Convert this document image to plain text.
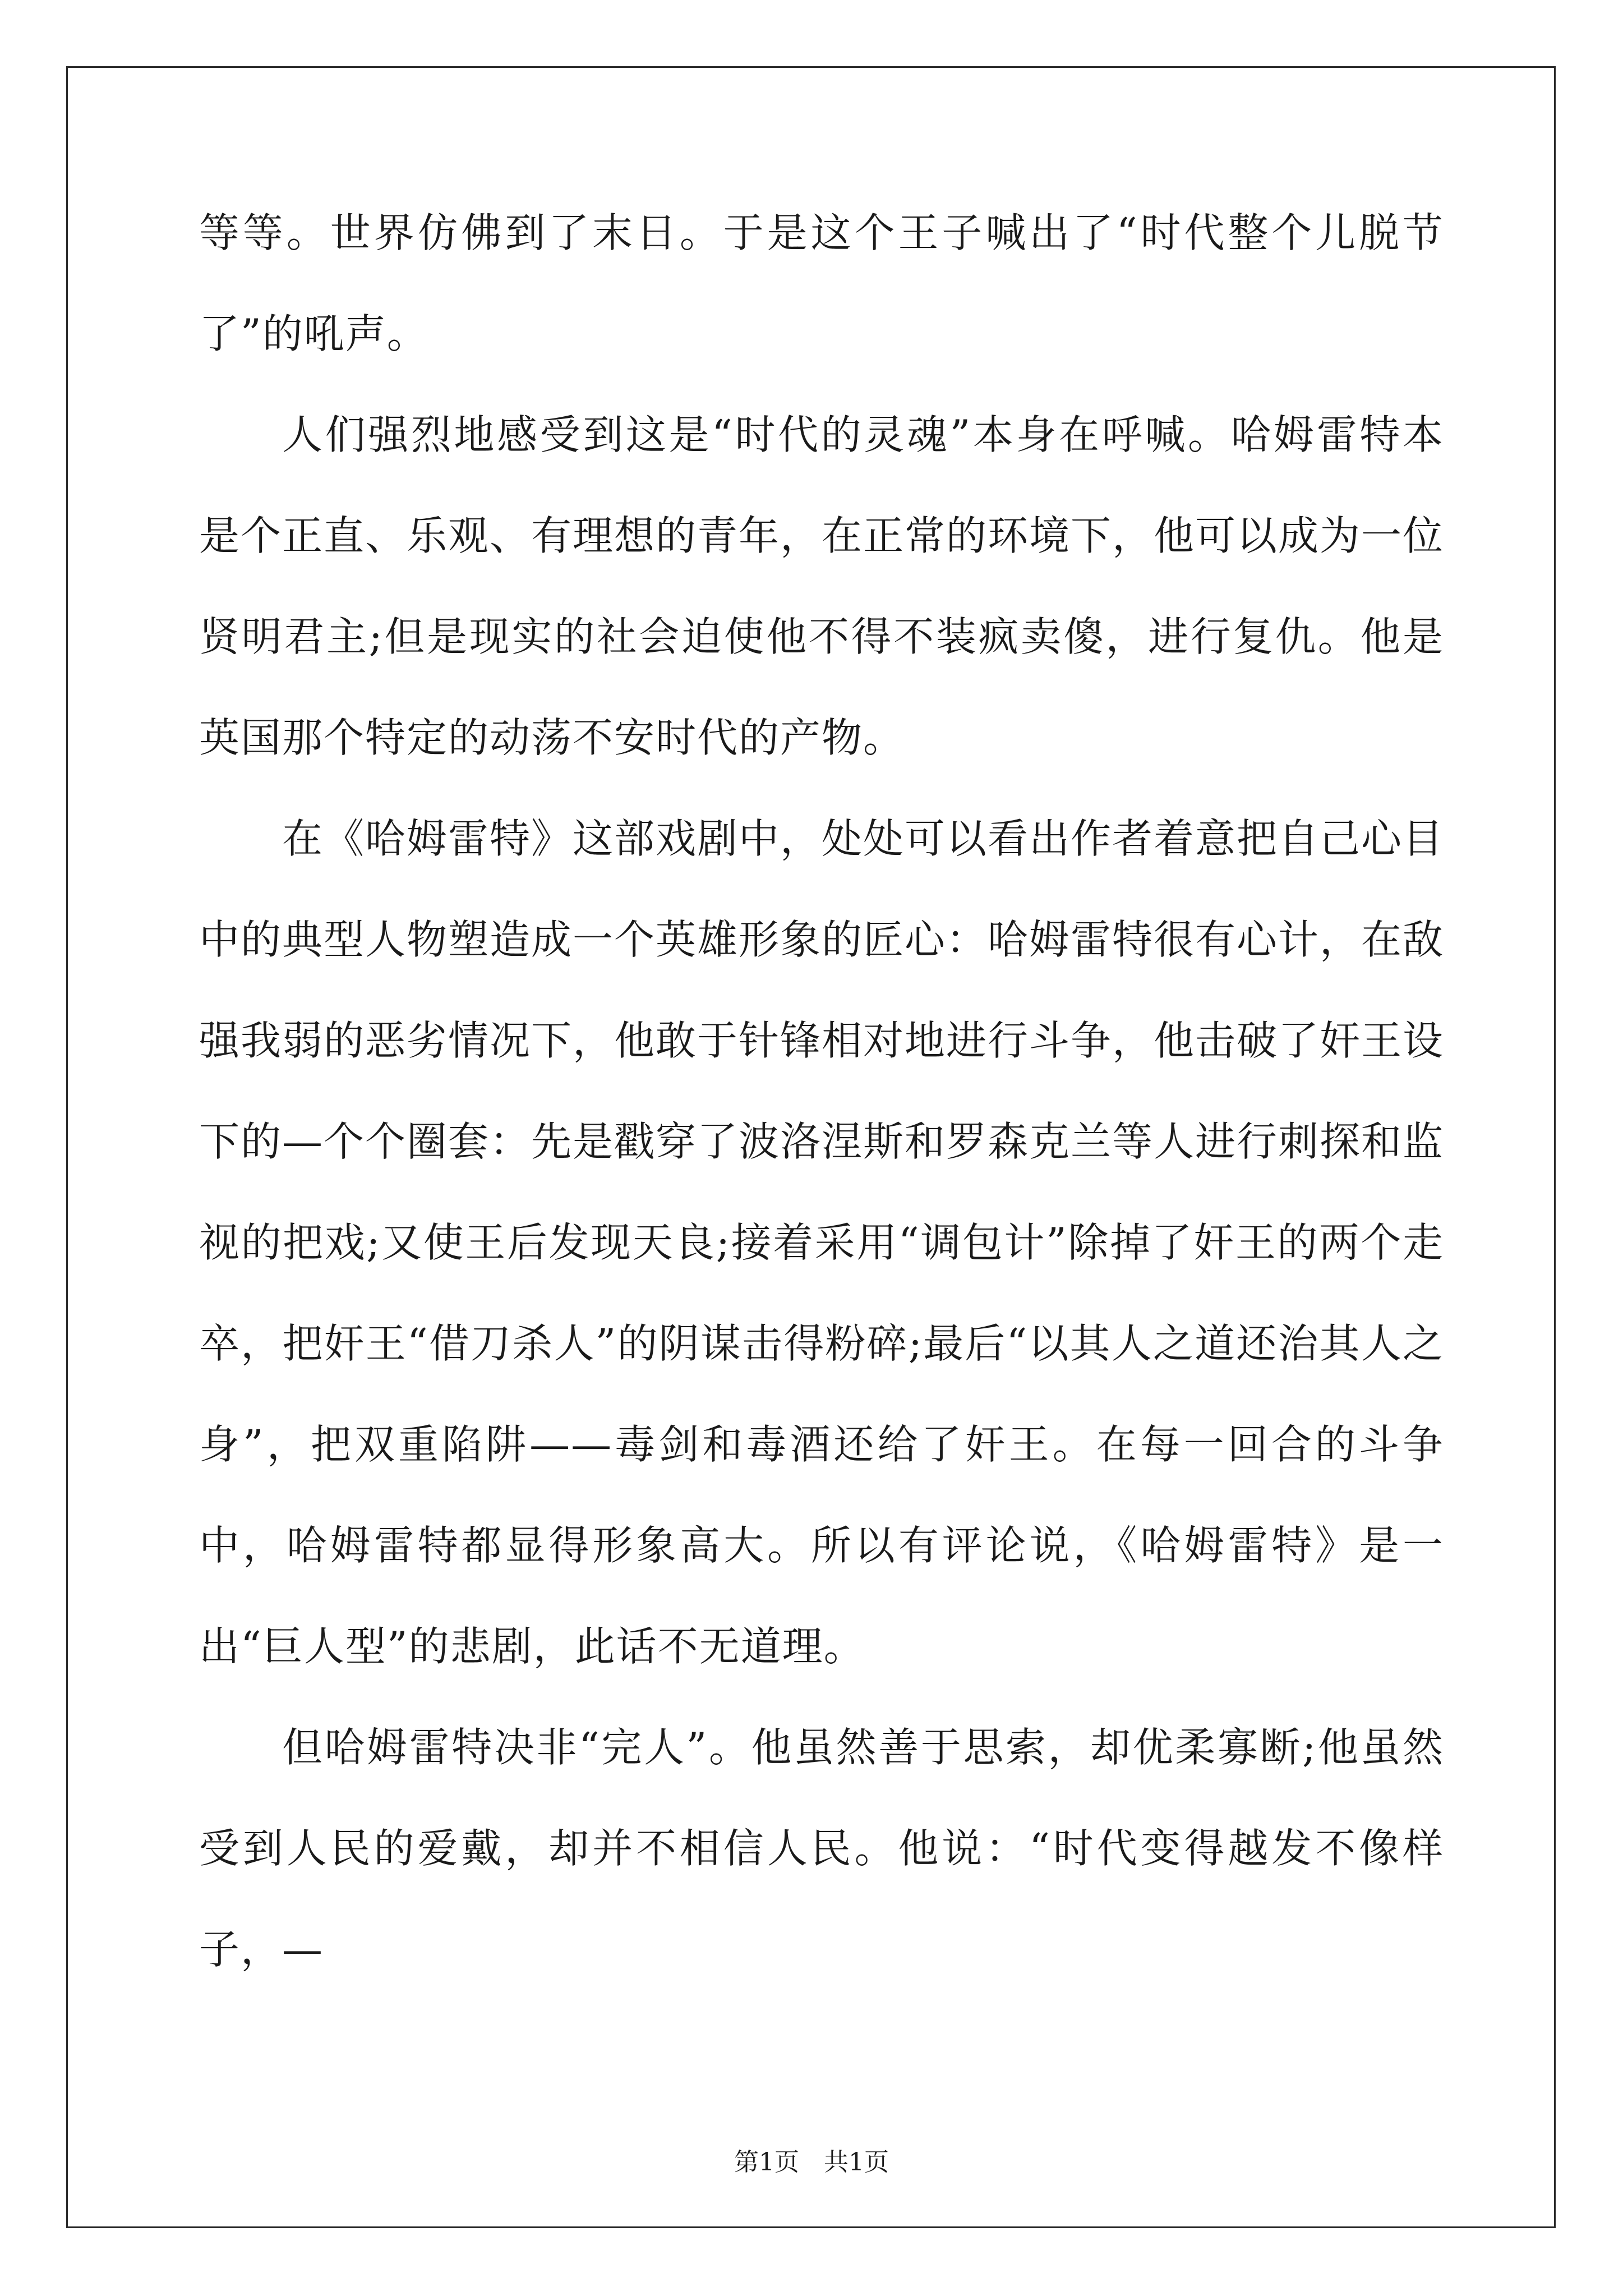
等等。世界仿佛到了末日。于是这个王子喊出了“时代整个儿脱节了”的吼声。

人们强烈地感受到这是“时代的灵魂”本身在呼喊。哈姆雷特本是个正直、乐观、有理想的青年，在正常的环境下，他可以成为一位贤明君主;但是现实的社会迫使他不得不装疯卖傻，进行复仇。他是英国那个特定的动荡不安时代的产物。

在《哈姆雷特》这部戏剧中，处处可以看出作者着意把自己心目中的典型人物塑造成一个英雄形象的匠心：哈姆雷特很有心计，在敌强我弱的恶劣情况下，他敢于针锋相对地进行斗争，他击破了奸王设下的—个个圈套：先是戳穿了波洛涅斯和罗森克兰等人进行刺探和监视的把戏;又使王后发现天良;接着采用“调包计”除掉了奸王的两个走卒，把奸王“借刀杀人”的阴谋击得粉碎;最后“以其人之道还治其人之身”，把双重陷阱——毒剑和毒酒还给了奸王。在每一回合的斗争中，哈姆雷特都显得形象高大。所以有评论说，《哈姆雷特》是一出“巨人型”的悲剧，此话不无道理。

但哈姆雷特决非“完人”。他虽然善于思索，却优柔寡断;他虽然受到人民的爱戴，却并不相信人民。他说：“时代变得越发不像样子，—

第1页　共1页
